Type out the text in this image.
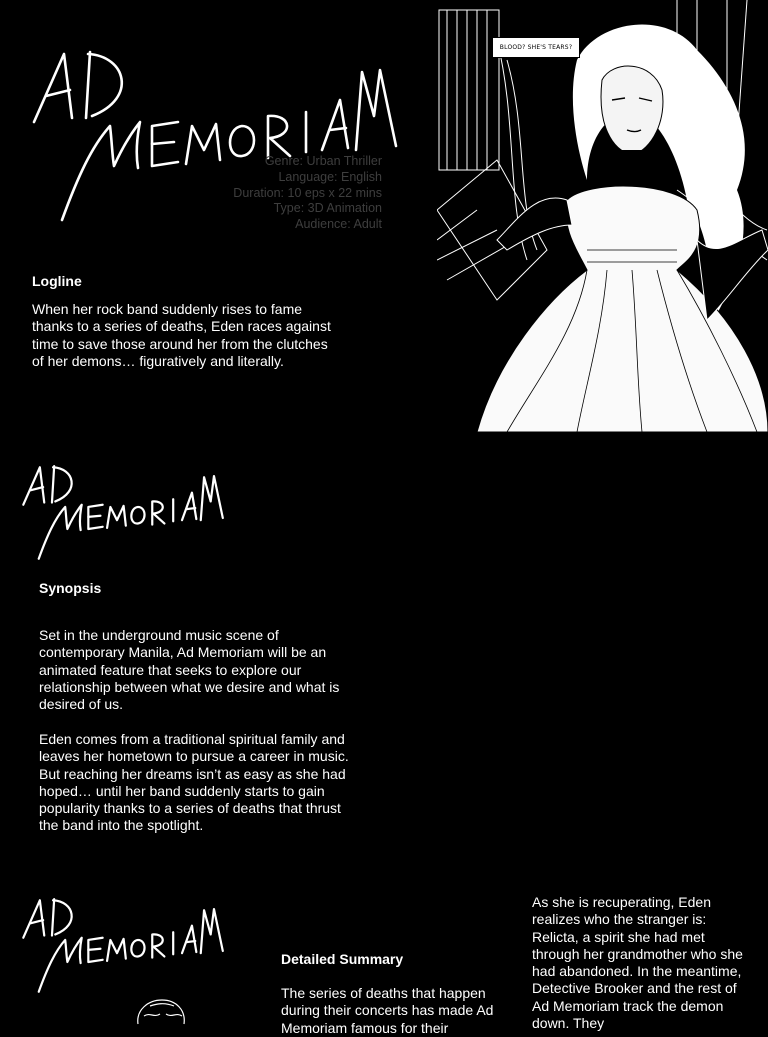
AD MEMORIAM
Genre: Urban Thriller
Language: English
Duration: 10 eps x 22 mins
Type: 3D Animation
Audience: Adult
Logline

When her rock band suddenly rises to fame thanks to a series of deaths, Eden races against time to save those around her from the clutches of her demons… figuratively and literally.

BLOOD? SHE'S TEARS?
Synopsis

Set in the underground music scene of contemporary Manila, Ad Memoriam will be an animated feature that seeks to explore our relationship between what we desire and what is desired of us.

Eden comes from a traditional spiritual family and leaves her hometown to pursue a career in music. But reaching her dreams isn’t as easy as she had hoped… until her band suddenly starts to gain popularity thanks to a series of deaths that thrust the band into the spotlight.

Detailed Summary

The series of deaths that happen during their concerts has made Ad Memoriam famous for their

As she is recuperating, Eden realizes who the stranger is: Relicta, a spirit she had met through her grandmother who she had abandoned. In the meantime, Detective Brooker and the rest of Ad Memoriam track the demon down. They
